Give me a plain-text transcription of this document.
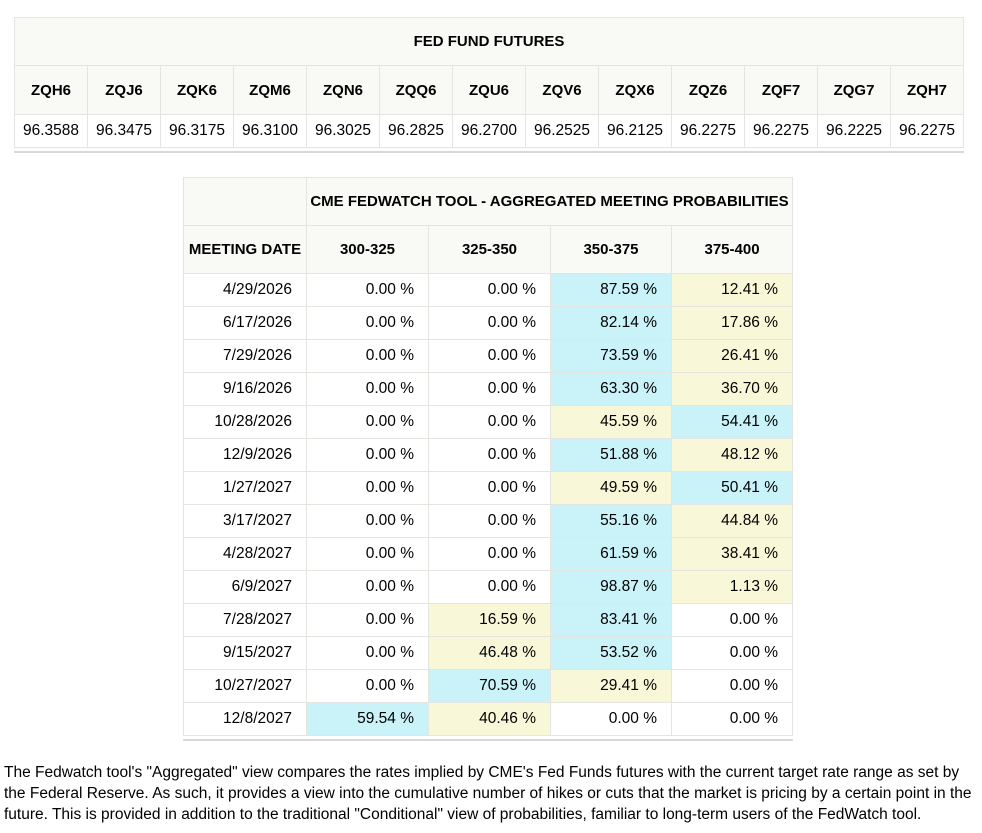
FED FUND FUTURES												
ZQH6	ZQJ6	ZQK6	ZQM6	ZQN6	ZQQ6	ZQU6	ZQV6	ZQX6	ZQZ6	ZQF7	ZQG7	ZQH7
96.3588	96.3475	96.3175	96.3100	96.3025	96.2825	96.2700	96.2525	96.2125	96.2275	96.2275	96.2225	96.2275

	CME FEDWATCH TOOL - AGGREGATED MEETING PROBABILITIES			
MEETING DATE	300-325	325-350	350-375	375-400
4/29/2026	0.00 %	0.00 %	87.59 %	12.41 %
6/17/2026	0.00 %	0.00 %	82.14 %	17.86 %
7/29/2026	0.00 %	0.00 %	73.59 %	26.41 %
9/16/2026	0.00 %	0.00 %	63.30 %	36.70 %
10/28/2026	0.00 %	0.00 %	45.59 %	54.41 %
12/9/2026	0.00 %	0.00 %	51.88 %	48.12 %
1/27/2027	0.00 %	0.00 %	49.59 %	50.41 %
3/17/2027	0.00 %	0.00 %	55.16 %	44.84 %
4/28/2027	0.00 %	0.00 %	61.59 %	38.41 %
6/9/2027	0.00 %	0.00 %	98.87 %	1.13 %
7/28/2027	0.00 %	16.59 %	83.41 %	0.00 %
9/15/2027	0.00 %	46.48 %	53.52 %	0.00 %
10/27/2027	0.00 %	70.59 %	29.41 %	0.00 %
12/8/2027	59.54 %	40.46 %	0.00 %	0.00 %

The Fedwatch tool's "Aggregated" view compares the rates implied by CME's Fed Funds futures with the current target rate range as set by the Federal Reserve. As such, it provides a view into the cumulative number of hikes or cuts that the market is pricing by a certain point in the future. This is provided in addition to the traditional "Conditional" view of probabilities, familiar to long-term users of the FedWatch tool.
